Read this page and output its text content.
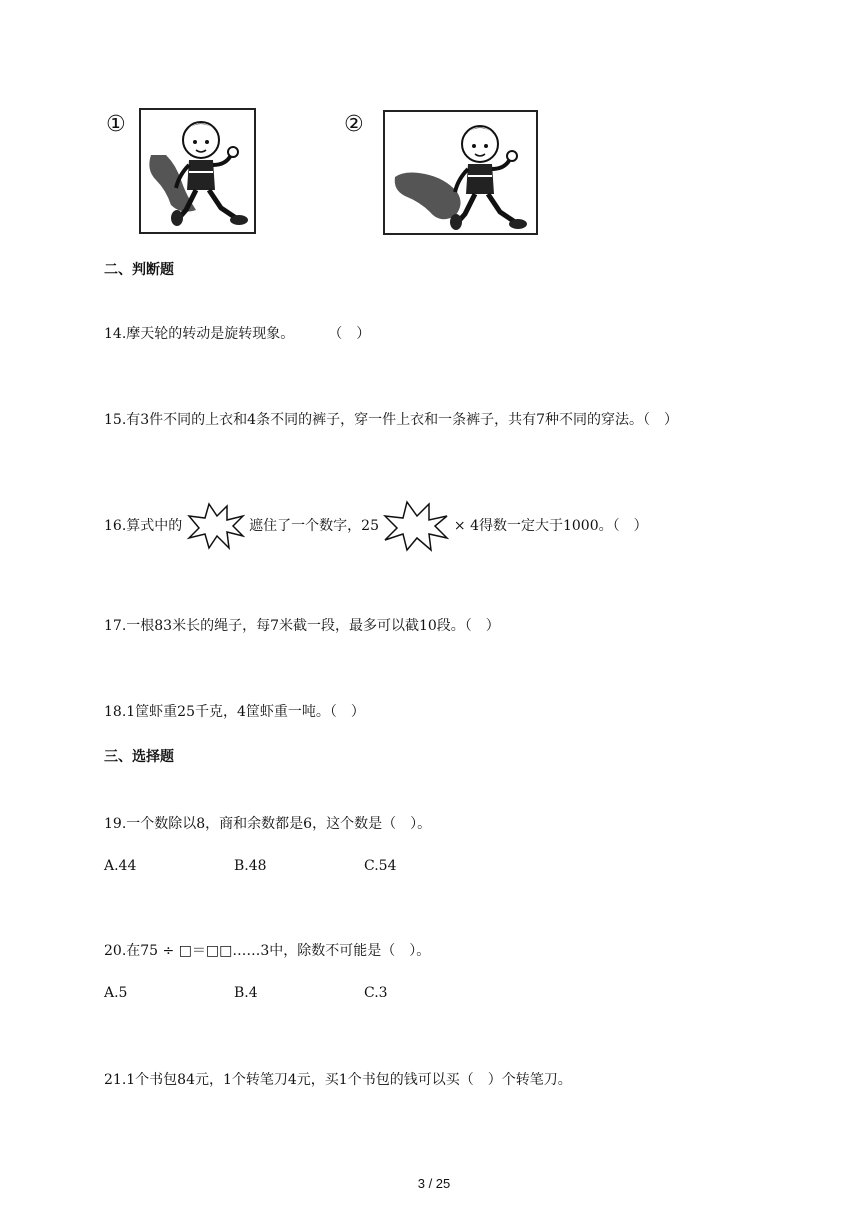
①	②
二、判断题
14.摩天轮的转动是旋转现象。 （　）
15.有3件不同的上衣和4条不同的裤子，穿一件上衣和一条裤子，共有7种不同的穿法。（　）
16.算式中的	遮住了一个数字，25	× 4得数一定大于1000。（　）
17.一根83米长的绳子，每7米截一段，最多可以截10段。（　）
18.1筐虾重25千克，4筐虾重一吨。（　）
三、选择题
19.一个数除以8，商和余数都是6，这个数是（　）。
A.44	B.48	C.54
20.在75 ÷ □＝□□……3中，除数不可能是（　）。
A.5	B.4	C.3
21.1个书包84元，1个转笔刀4元，买1个书包的钱可以买（　）个转笔刀。
3 / 25
